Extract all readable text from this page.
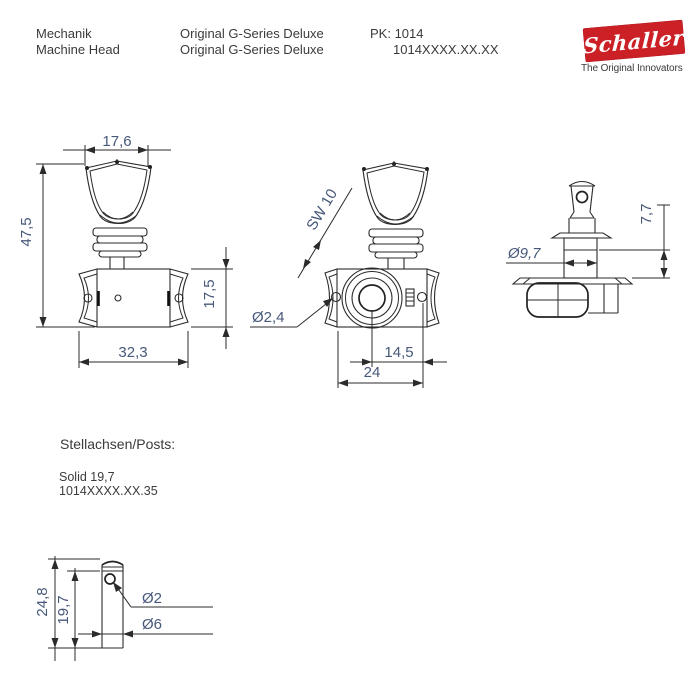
Mechanik
Machine Head
Original G-Series Deluxe
Original G-Series Deluxe
PK: 1014
1014XXXX.XX.XX	Schaller
The Original Innovators
Stellachsen/Posts:
Solid 19,7
1014XXXX.XX.35
17,6
47,5
17,5
32,3
SW 10
Ø2,4
14,5
24
Ø9,7
7,7
Ø2
Ø6
24,8 19,7
